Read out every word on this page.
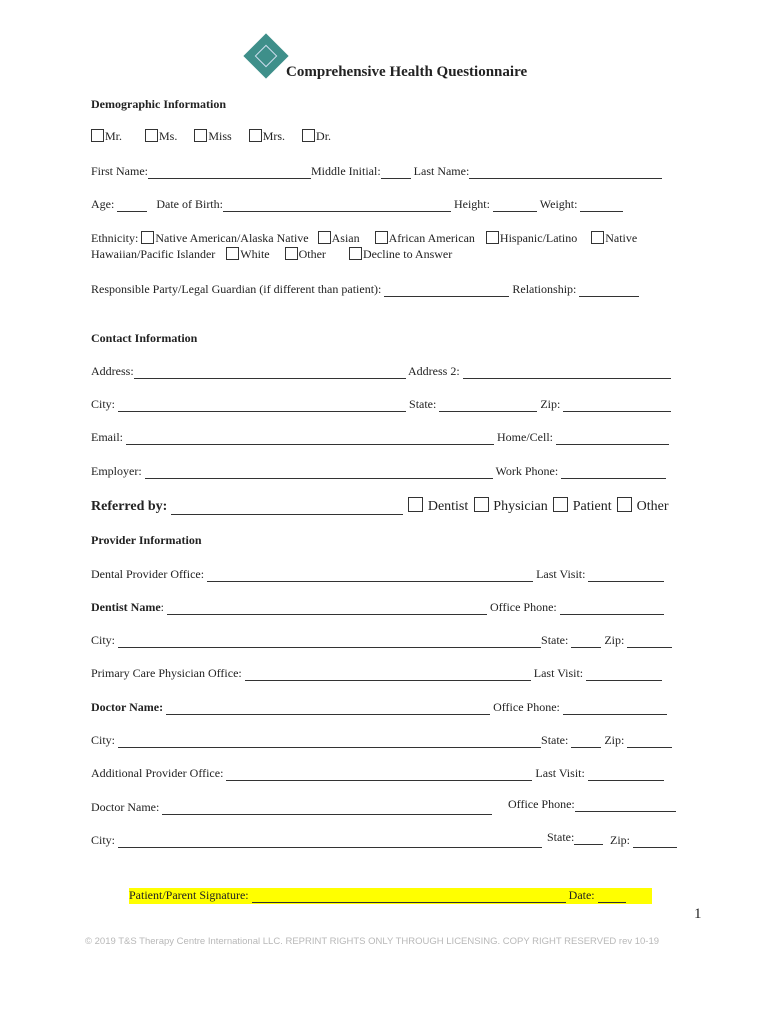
Comprehensive Health Questionnaire
Demographic Information
Mr.	Ms.	Miss	Mrs.	Dr.
First Name:	Middle Initial:	Last Name:
Age:	Date of Birth:	Height:	Weight:
Ethnicity: Native American/Alaska Native Asian African American Hispanic/Latino Native
Hawaiian/Pacific Islander White Other	Decline to Answer
Responsible Party/Legal Guardian (if different than patient):	Relationship:
Contact Information
Address:	Address 2:
City:	State:	Zip:
Email:	Home/Cell:
Employer:	Work Phone:
Referred by:	Dentist Physician Patient Other
Provider Information
Dental Provider Office:	Last Visit:
Dentist Name:	Office Phone:
City:	State:	Zip:
Primary Care Physician Office:	Last Visit:
Doctor Name:	Office Phone:
City:	State:	Zip:
Additional Provider Office:	Last Visit:
Doctor Name:	Office Phone:
City:	State:	Zip:
Patient/Parent Signature:	Date:
1
© 2019 T&S Therapy Centre International LLC. REPRINT RIGHTS ONLY THROUGH LICENSING. COPY RIGHT RESERVED rev 10-19
